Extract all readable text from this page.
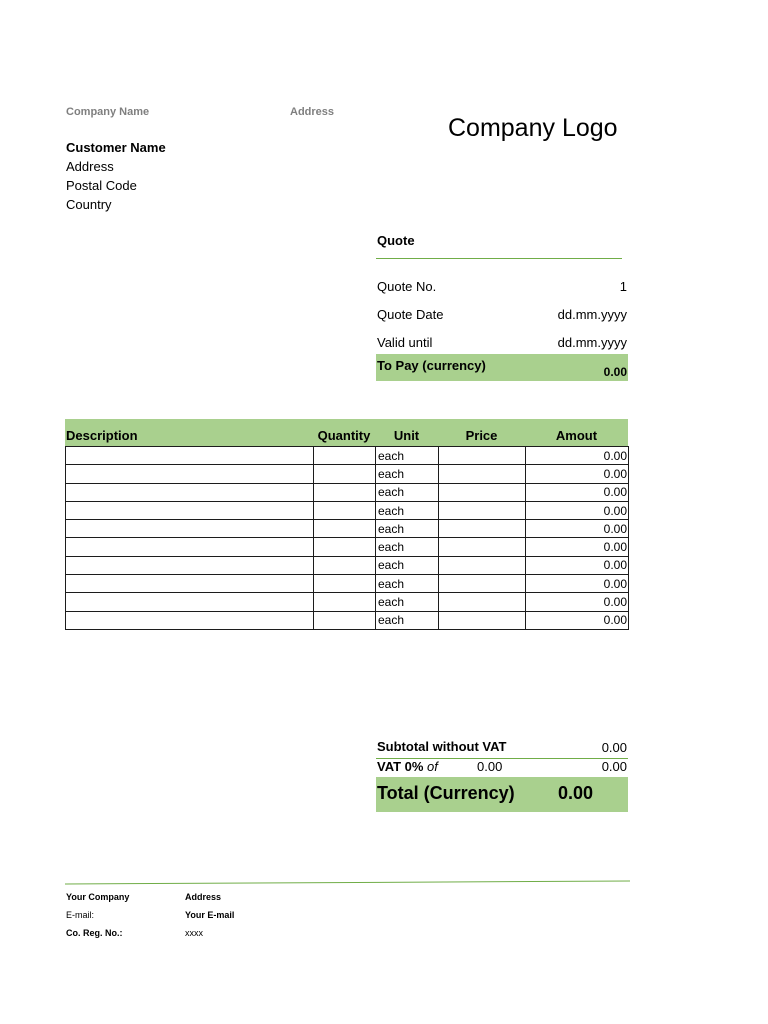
Company Name	Address
Company Logo
Customer Name
Address
Postal Code
Country
Quote
Quote No.	1
Quote Date	dd.mm.yyyy
Valid until	dd.mm.yyyy
To Pay (currency)	0.00
Description	Quantity	Unit	Price	Amout
		each		0.00
		each		0.00
		each		0.00
		each		0.00
		each		0.00
		each		0.00
		each		0.00
		each		0.00
		each		0.00
		each		0.00
Subtotal without VAT	0.00
VAT 0% of	0.00	0.00
Total (Currency) 0.00
Your Company	Address
E-mail:	Your E-mail
Co. Reg. No.:	xxxx
